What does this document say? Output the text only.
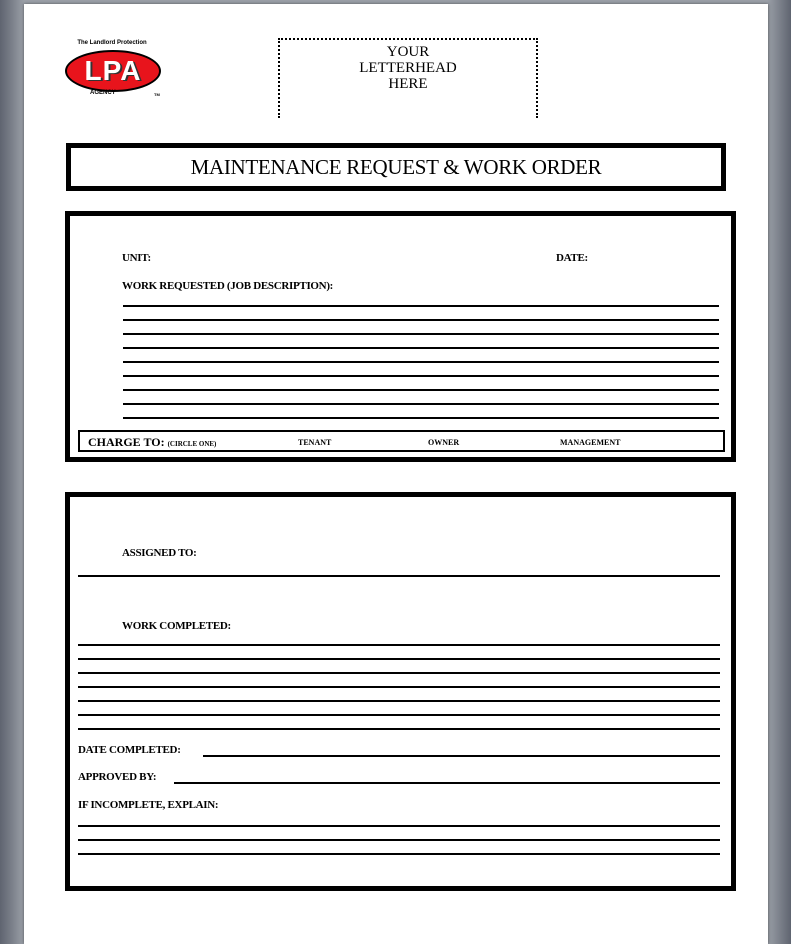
The Landlord Protection
LPA
AGENCY	TM
YOUR
LETTERHEAD
HERE
MAINTENANCE REQUEST & WORK ORDER
UNIT:	DATE:
WORK REQUESTED (JOB DESCRIPTION):
CHARGE TO: (CIRCLE ONE)	TENANT	OWNER	MANAGEMENT
ASSIGNED TO:
WORK COMPLETED:
DATE COMPLETED:
APPROVED BY:
IF INCOMPLETE, EXPLAIN:
